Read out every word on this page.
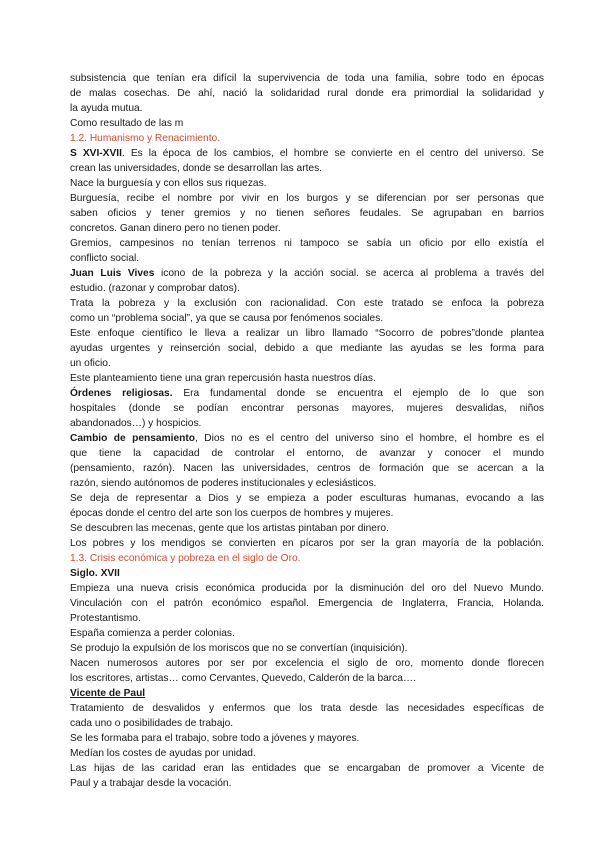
subsistencia que tenían era difícil la supervivencia de toda una familia, sobre todo en épocas
de malas cosechas. De ahí, nació la solidaridad rural donde era primordial la solidaridad y
la ayuda mutua.
Como resultado de las m
1.2. Humanismo y Renacimiento.
S XVI-XVII. Es la época de los cambios, el hombre se convierte en el centro del universo. Se
crean las universidades, donde se desarrollan las artes.
Nace la burguesía y con ellos sus riquezas.
Burguesía, recibe el nombre por vivir en los burgos y se diferencian por ser personas que
saben oficios y tener gremios y no tienen señores feudales. Se agrupaban en barrios
concretos. Ganan dinero pero no tienen poder.
Gremios, campesinos no tenían terrenos ni tampoco se sabía un oficio por ello existía el
conflicto social.
Juan Luis Vives icono de la pobreza y la acción social. se acerca al problema a través del
estudio. (razonar y comprobar datos).
Trata la pobreza y la exclusión con racionalidad. Con este tratado se enfoca la pobreza
como un “problema social”, ya que se causa por fenómenos sociales.
Este enfoque científico le lleva a realizar un libro llamado “Socorro de pobres”donde plantea
ayudas urgentes y reinserción social, debido a que mediante las ayudas se les forma para
un oficio.
Este planteamiento tiene una gran repercusión hasta nuestros días.
Órdenes religiosas. Era fundamental donde se encuentra el ejemplo de lo que son
hospitales (donde se podían encontrar personas mayores, mujeres desvalidas, niños
abandonados…) y hospicios.
Cambio de pensamiento, Dios no es el centro del universo sino el hombre, el hombre es el
que tiene la capacidad de controlar el entorno, de avanzar y conocer el mundo
(pensamiento, razón). Nacen las universidades, centros de formación que se acercan a la
razón, siendo autónomos de poderes institucionales y eclesiásticos.
Se deja de representar a Dios y se empieza a poder esculturas humanas, evocando a las
épocas donde el centro del arte son los cuerpos de hombres y mujeres.
Se descubren las mecenas, gente que los artistas pintaban por dinero.
Los pobres y los mendigos se convierten en pícaros por ser la gran mayoría de la población.
1.3. Crisis económica y pobreza en el siglo de Oro.
Siglo. XVII
Empieza una nueva crisis económica producida por la disminución del oro del Nuevo Mundo.
Vinculación con el patrón económico español. Emergencia de Inglaterra, Francia, Holanda.
Protestantismo.
España comienza a perder colonias.
Se produjo la expulsión de los moriscos que no se convertían (inquisición).
Nacen numerosos autores por ser por excelencia el siglo de oro, momento donde florecen
los escritores, artistas… como Cervantes, Quevedo, Calderón de la barca….
Vicente de Paul
Tratamiento de desvalidos y enfermos que los trata desde las necesidades específicas de
cada uno o posibilidades de trabajo.
Se les formaba para el trabajo, sobre todo a jóvenes y mayores.
Medían los costes de ayudas por unidad.
Las hijas de las caridad eran las entidades que se encargaban de promover a Vicente de
Paul y a trabajar desde la vocación.
